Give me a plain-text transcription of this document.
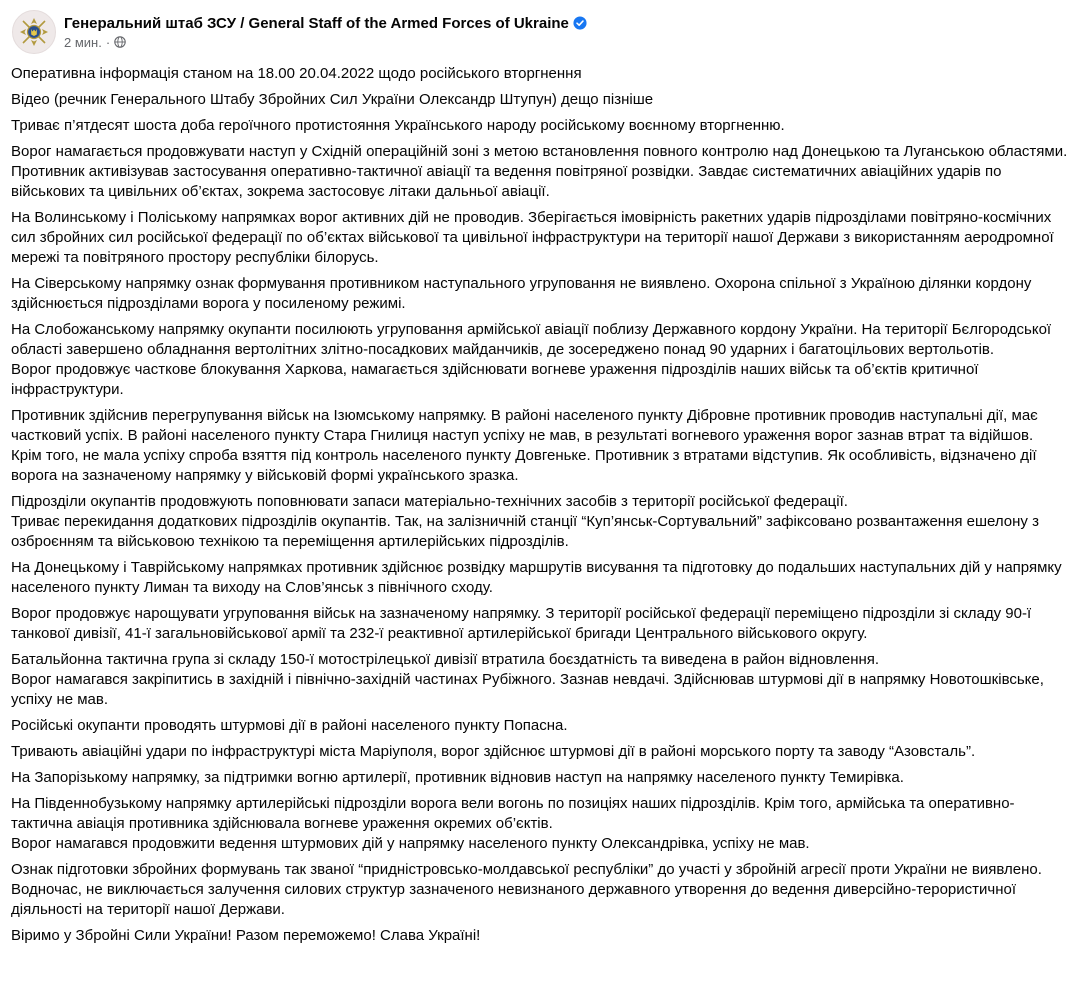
Генеральний штаб ЗСУ / General Staff of the Armed Forces of Ukraine
2 мин. ·

Оперативна інформація станом на 18.00 20.04.2022 щодо російського вторгнення

Відео (речник Генерального Штабу Збройних Сил України Олександр Штупун) дещо пізніше

Триває п’ятдесят шоста доба героїчного протистояння Українського народу російському воєнному вторгненню.

Ворог намагається продовжувати наступ у Східній операційній зоні з метою встановлення повного контролю над Донецькою та Луганською областями. Противник активізував застосування оперативно-тактичної авіації та ведення повітряної розвідки. Завдає систематичних авіаційних ударів по військових та цивільних об’єктах, зокрема застосовує літаки дальньої авіації.

На Волинському і Поліському напрямках ворог активних дій не проводив. Зберігається імовірність ракетних ударів підрозділами повітряно-космічних сил збройних сил російської федерації по об’єктах військової та цивільної інфраструктури на території нашої Держави з використанням аеродромної мережі та повітряного простору республіки білорусь.

На Сіверському напрямку ознак формування противником наступального угруповання не виявлено. Охорона спільної з Україною ділянки кордону здійснюється підрозділами ворога у посиленому режимі.

На Слобожанському напрямку окупанти посилюють угруповання армійської авіації поблизу Державного кордону України. На території Бєлгородської області завершено обладнання вертолітних злітно-посадкових майданчиків, де зосереджено понад 90 ударних і багатоцільових вертольотів.
Ворог продовжує часткове блокування Харкова, намагається здійснювати вогневе ураження підрозділів наших військ та об’єктів критичної інфраструктури.

Противник здійснив перегрупування військ на Ізюмському напрямку. В районі населеного пункту Дібровне противник проводив наступальні дії, має частковий успіх. В районі населеного пункту Стара Гнилиця наступ успіху не мав, в результаті вогневого ураження ворог зазнав втрат та відійшов.
Крім того, не мала успіху спроба взяття під контроль населеного пункту Довгеньке. Противник з втратами відступив. Як особливість, відзначено дії ворога на зазначеному напрямку у військовій формі українського зразка.

Підрозділи окупантів продовжують поповнювати запаси матеріально-технічних засобів з території російської федерації.
Триває перекидання додаткових підрозділів окупантів. Так, на залізничній станції “Куп’янськ-Сортувальний” зафіксовано розвантаження ешелону з озброєнням та військовою технікою та переміщення артилерійських підрозділів.

На Донецькому і Таврійському напрямках противник здійснює розвідку маршрутів висування та підготовку до подальших наступальних дій у напрямку населеного пункту Лиман та виходу на Слов’янськ з північного сходу.

Ворог продовжує нарощувати угруповання військ на зазначеному напрямку. З території російської федерації переміщено підрозділи зі складу 90-ї танкової дивізії, 41-ї загальновійськової армії та 232-ї реактивної артилерійської бригади Центрального військового округу.

Батальйонна тактична група зі складу 150-ї мотострілецької дивізії втратила боєздатність та виведена в район відновлення.
Ворог намагався закріпитись в західній і північно-західній частинах Рубіжного. Зазнав невдачі. Здійснював штурмові дії в напрямку Новотошківське, успіху не мав.

Російські окупанти проводять штурмові дії в районі населеного пункту Попасна.

Тривають авіаційні удари по інфраструктурі міста Маріуполя, ворог здійснює штурмові дії в районі морського порту та заводу “Азовсталь”.

На Запорізькому напрямку, за підтримки вогню артилерії, противник відновив наступ на напрямку населеного пункту Темирівка.

На Південнобузькому напрямку артилерійські підрозділи ворога вели вогонь по позиціях наших підрозділів. Крім того, армійська та оперативно-тактична авіація противника здійснювала вогневе ураження окремих об’єктів.
Ворог намагався продовжити ведення штурмових дій у напрямку населеного пункту Олександрівка, успіху не мав.

Ознак підготовки збройних формувань так званої “придністровсько-молдавської республіки” до участі у збройній агресії проти України не виявлено. Водночас, не виключається залучення силових структур зазначеного невизнаного державного утворення до ведення диверсійно-терористичної діяльності на території нашої Держави.

Віримо у Збройні Сили України! Разом переможемо! Слава Україні!
